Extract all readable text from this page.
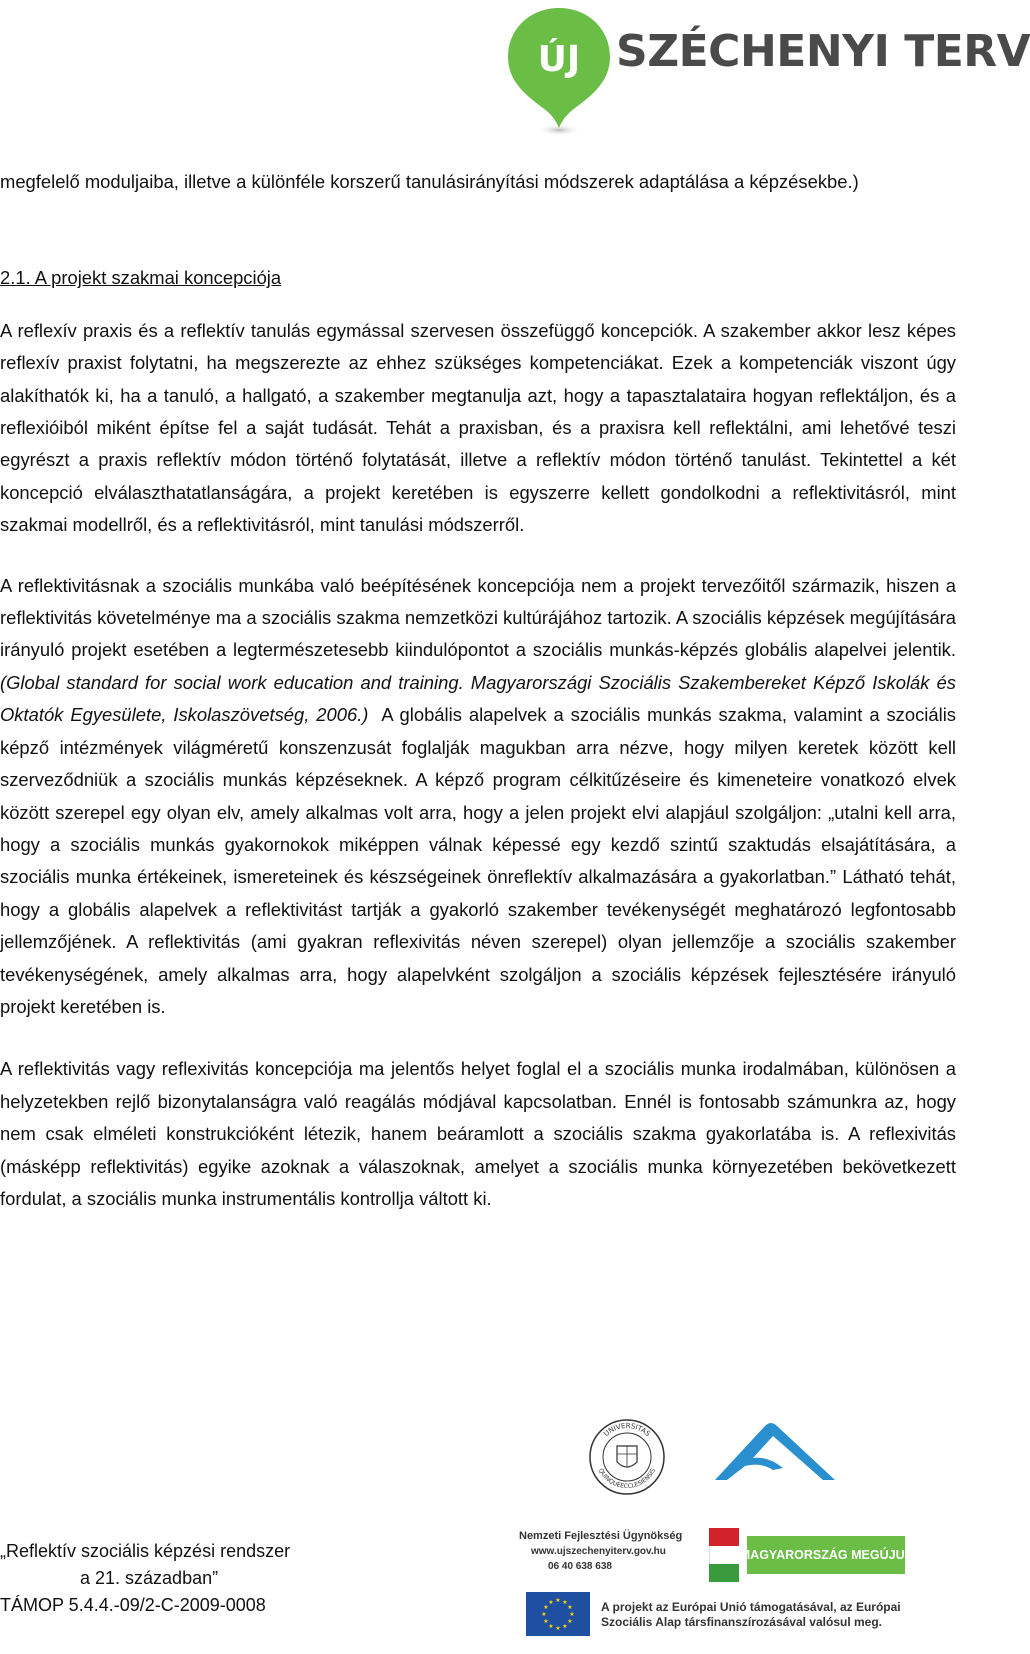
ÚJ SZÉCHENYI TERV

megfelelő moduljaiba, illetve a különféle korszerű tanulásirányítási módszerek adaptálása a képzésekbe.)

2.1. A projekt szakmai koncepciója

A reflexív praxis és a reflektív tanulás egymással szervesen összefüggő koncepciók. A szakember akkor lesz képes reflexív praxist folytatni, ha megszerezte az ehhez szükséges kompetenciákat. Ezek a kompetenciák viszont úgy alakíthatók ki, ha a tanuló, a hallgató, a szakember megtanulja azt, hogy a tapasztalataira hogyan reflektáljon, és a reflexióiból miként építse fel a saját tudását. Tehát a praxisban, és a praxisra kell reflektálni, ami lehetővé teszi egyrészt a praxis reflektív módon történő folytatását, illetve a reflektív módon történő tanulást. Tekintettel a két koncepció elválaszthatatlanságára, a projekt keretében is egyszerre kellett gondolkodni a reflektivitásról, mint szakmai modellről, és a reflektivitásról, mint tanulási módszerről.

A reflektivitásnak a szociális munkába való beépítésének koncepciója nem a projekt tervezőitől származik, hiszen a reflektivitás követelménye ma a szociális szakma nemzetközi kultúrájához tartozik. A szociális képzések megújítására irányuló projekt esetében a legtermészetesebb kiindulópontot a szociális munkás-képzés globális alapelvei jelentik. (Global standard for social work education and training. Magyarországi Szociális Szakembereket Képző Iskolák és Oktatók Egyesülete, Iskolaszövetség, 2006.) A globális alapelvek a szociális munkás szakma, valamint a szociális képző intézmények világméretű konszenzusát foglalják magukban arra nézve, hogy milyen keretek között kell szerveződniük a szociális munkás képzéseknek. A képző program célkitűzéseire és kimeneteire vonatkozó elvek között szerepel egy olyan elv, amely alkalmas volt arra, hogy a jelen projekt elvi alapjául szolgáljon: „utalni kell arra, hogy a szociális munkás gyakornokok miképpen válnak képessé egy kezdő szintű szaktudás elsajátítására, a szociális munka értékeinek, ismereteinek és készségeinek önreflektív alkalmazására a gyakorlatban.” Látható tehát, hogy a globális alapelvek a reflektivitást tartják a gyakorló szakember tevékenységét meghatározó legfontosabb jellemzőjének. A reflektivitás (ami gyakran reflexivitás néven szerepel) olyan jellemzője a szociális szakember tevékenységének, amely alkalmas arra, hogy alapelvként szolgáljon a szociális képzések fejlesztésére irányuló projekt keretében is.

A reflektivitás vagy reflexivitás koncepciója ma jelentős helyet foglal el a szociális munka irodalmában, különösen a helyzetekben rejlő bizonytalanságra való reagálás módjával kapcsolatban. Ennél is fontosabb számunkra az, hogy nem csak elméleti konstrukcióként létezik, hanem beáramlott a szociális szakma gyakorlatába is. A reflexivitás (másképp reflektivitás) egyike azoknak a válaszoknak, amelyet a szociális munka környezetében bekövetkezett fordulat, a szociális munka instrumentális kontrollja váltott ki.

„Reflektív szociális képzési rendszer
a 21. században”
TÁMOP 5.4.4.-09/2-C-2009-0008
UNIVERSITAS
QUINQUEECCLESIENSIS
Nemzeti Fejlesztési Ügynökség
www.ujszechenyiterv.gov.hu
06 40 638 638
MAGYARORSZÁG MEGÚJUL
★ ★
★
★
★
★
★
★
★
★
★
★	A projekt az Európai Unió támogatásával, az Európai
Szociális Alap társfinanszírozásával valósul meg.
